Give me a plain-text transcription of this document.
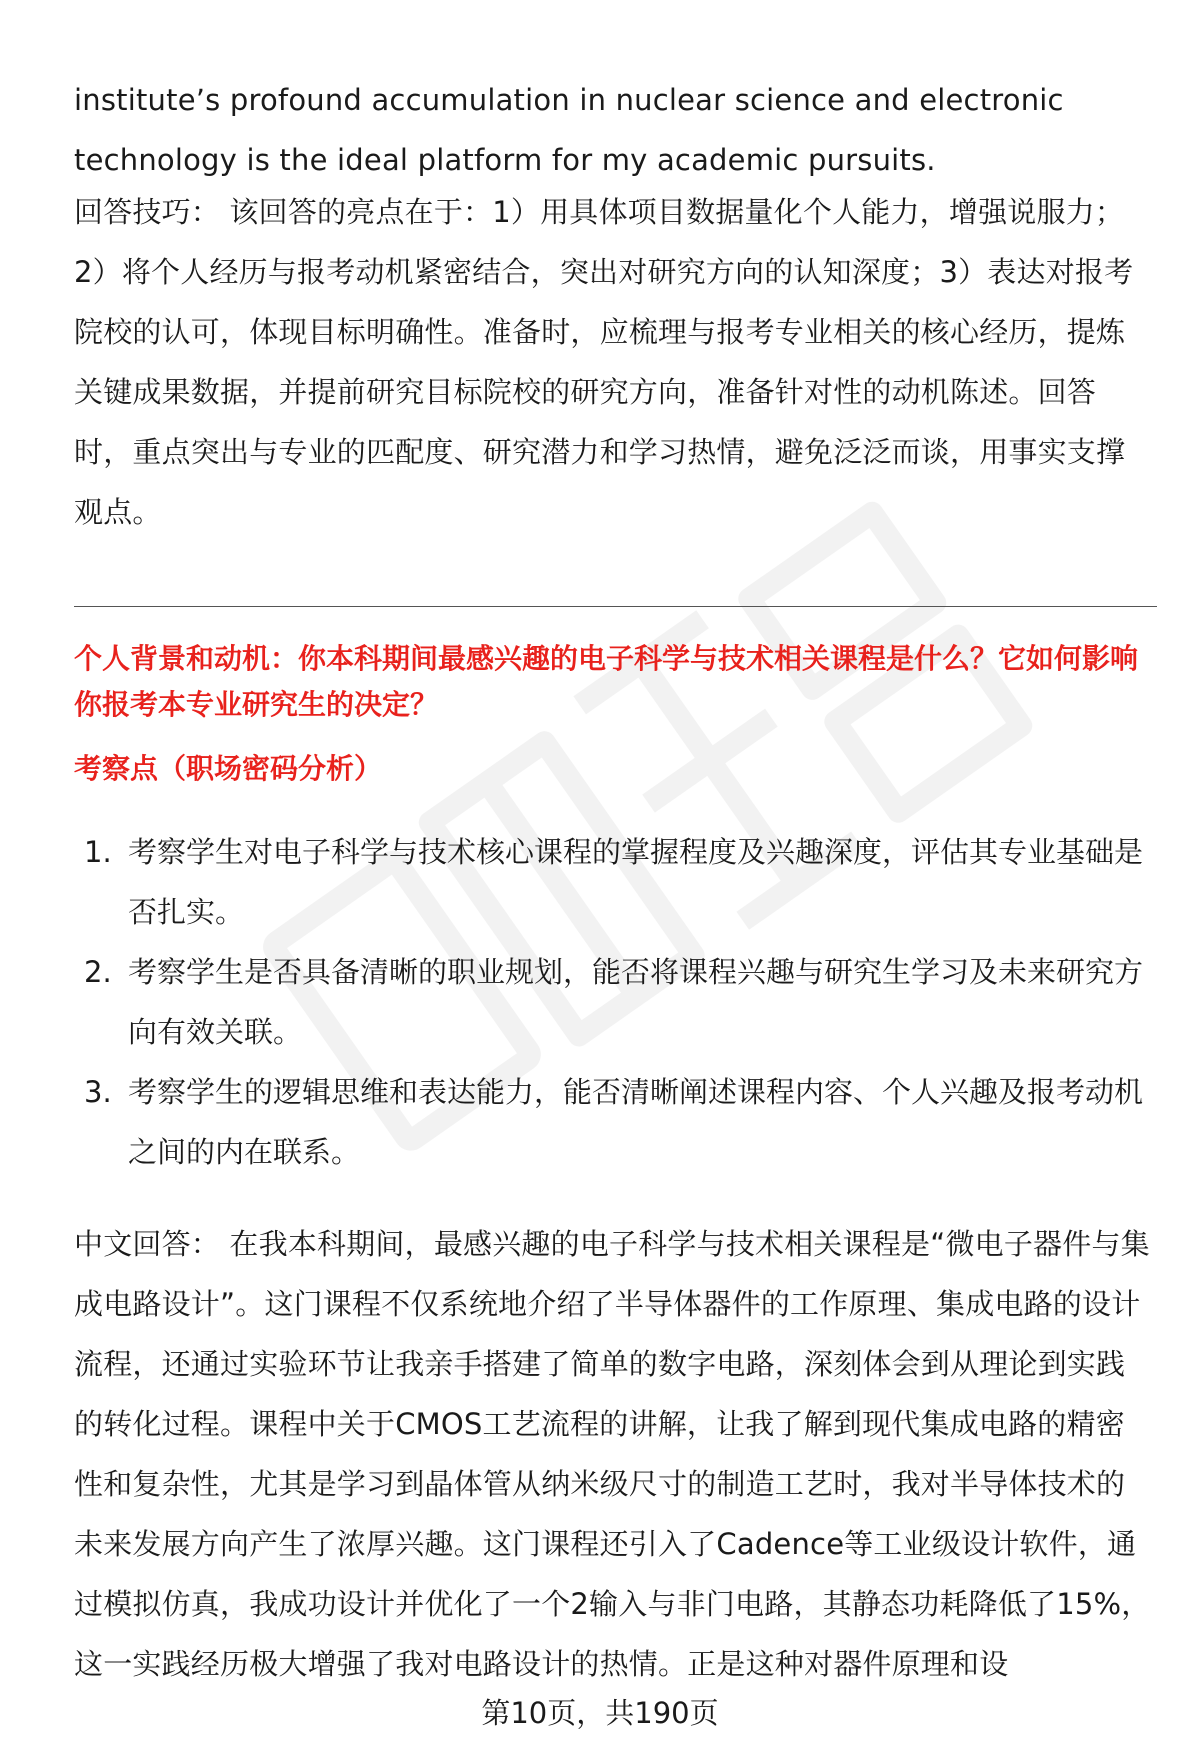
institute’s profound accumulation in nuclear science and electronic technology is the ideal platform for my academic pursuits.

回答技巧： 该回答的亮点在于：1）用具体项目数据量化个人能力，增强说服力；2）将个人经历与报考动机紧密结合，突出对研究方向的认知深度；3）表达对报考院校的认可，体现目标明确性。准备时，应梳理与报考专业相关的核心经历，提炼关键成果数据，并提前研究目标院校的研究方向，准备针对性的动机陈述。回答时，重点突出与专业的匹配度、研究潜力和学习热情，避免泛泛而谈，用事实支撑观点。

个人背景和动机：你本科期间最感兴趣的电子科学与技术相关课程是什么？它如何影响你报考本专业研究生的决定？
考察点（职场密码分析）
1. 考察学生对电子科学与技术核心课程的掌握程度及兴趣深度，评估其专业基础是否扎实。
2. 考察学生是否具备清晰的职业规划，能否将课程兴趣与研究生学习及未来研究方向有效关联。
3. 考察学生的逻辑思维和表达能力，能否清晰阐述课程内容、个人兴趣及报考动机之间的内在联系。

中文回答： 在我本科期间，最感兴趣的电子科学与技术相关课程是“微电子器件与集成电路设计”。这门课程不仅系统地介绍了半导体器件的工作原理、集成电路的设计流程，还通过实验环节让我亲手搭建了简单的数字电路，深刻体会到从理论到实践的转化过程。课程中关于CMOS工艺流程的讲解，让我了解到现代集成电路的精密性和复杂性，尤其是学习到晶体管从纳米级尺寸的制造工艺时，我对半导体技术的未来发展方向产生了浓厚兴趣。这门课程还引入了Cadence等工业级设计软件，通过模拟仿真，我成功设计并优化了一个2输入与非门电路，其静态功耗降低了15%，这一实践经历极大增强了我对电路设计的热情。正是这种对器件原理和设

第10页，共190页
